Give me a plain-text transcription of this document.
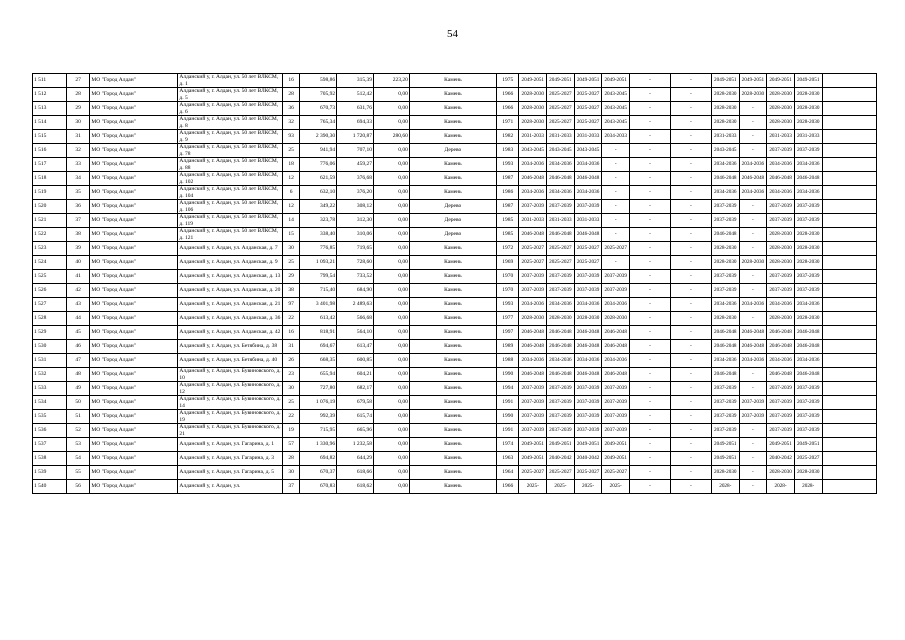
54
1 511	27	МО "Город Алдан"	Алданский у, г. Алдан, ул. 50 лет ВЛКСМ, д. 1	16	598,86	315,39	223,20	Камень	1975	2049-2051	2049-2051	2049-2051	2049-2051	-	-	2049-2051	2049-2051	2049-2051	2049-2051	
1 512	28	МО "Город Алдан"	Алданский у, г. Алдан, ул. 50 лет ВЛКСМ, д. 5	28	705,92	512,42	0,00	Камень	1966	2028-2030	2025-2027	2025-2027	2043-2045	-	-	2028-2030	2028-2030	2028-2030	2028-2030	
1 513	29	МО "Город Алдан"	Алданский у, г. Алдан, ул. 50 лет ВЛКСМ, д. 6	36	670,73	631,76	0,00	Камень	1966	2028-2030	2025-2027	2025-2027	2043-2045	-	-	2028-2030	-	2028-2030	2028-2030	
1 514	30	МО "Город Алдан"	Алданский у, г. Алдан, ул. 50 лет ВЛКСМ, д. 8	32	765,34	694,33	0,00	Камень	1971	2028-2030	2025-2027	2025-2027	2043-2045	-	-	2028-2030	-	2028-2030	2028-2030	
1 515	31	МО "Город Алдан"	Алданский у, г. Алдан, ул. 50 лет ВЛКСМ, д. 9	93	2 390,30	1 720,87	280,60	Камень	1982	2031-2033	2031-2033	2031-2033	2034-2033	-	-	2031-2033	-	2031-2033	2031-2033	
1 516	32	МО "Город Алдан"	Алданский у, г. Алдан, ул. 50 лет ВЛКСМ, д. 78	25	941,94	707,10	0,00	Дерево	1983	2043-2045	2043-2045	2043-2045	-	-	-	2043-2045	-	2037-2039	2037-2039	
1 517	33	МО "Город Алдан"	Алданский у, г. Алдан, ул. 50 лет ВЛКСМ, д. 88	18	776,06	459,27	0,00	Камень	1993	2034-2036	2034-2036	2034-2036	-	-	-	2034-2036	2034-2036	2034-2036	2034-2036	
1 518	34	МО "Город Алдан"	Алданский у, г. Алдан, ул. 50 лет ВЛКСМ, д. 102	12	621,59	376,68	0,00	Камень	1987	2046-2048	2046-2048	2046-2048	-	-	-	2046-2048	2046-2048	2046-2048	2046-2048	
1 519	35	МО "Город Алдан"	Алданский у, г. Алдан, ул. 50 лет ВЛКСМ, д. 104	6	632,10	376,20	0,00	Камень	1986	2034-2036	2034-2036	2034-2036	-	-	-	2034-2036	2034-2036	2034-2036	2034-2036	
1 520	36	МО "Город Алдан"	Алданский у, г. Алдан, ул. 50 лет ВЛКСМ, д. 106	12	349,22	308,12	0,00	Дерево	1987	2037-2039	2037-2039	2037-2039	-	-	-	2037-2039	-	2037-2039	2037-2039	
1 521	37	МО "Город Алдан"	Алданский у, г. Алдан, ул. 50 лет ВЛКСМ, д. 119	14	323,78	312,30	0,00	Дерево	1985	2031-2033	2031-2033	2031-2033	-	-	-	2037-2039	-	2037-2039	2037-2039	
1 522	38	МО "Город Алдан"	Алданский у, г. Алдан, ул. 50 лет ВЛКСМ, д. 121	15	338,40	310,06	0,00	Дерево	1985	2046-2048	2046-2048	2046-2048	-	-	-	2046-2048	-	2028-2030	2028-2030	
1 523	39	МО "Город Алдан"	Алданский у, г. Алдан, ул. Алданская, д. 7	30	776,85	719,65	0,00	Камень	1972	2025-2027	2025-2027	2025-2027	2025-2027	-	-	2028-2030	-	2028-2030	2028-2030	
1 524	40	МО "Город Алдан"	Алданский у, г. Алдан, ул. Алданская, д. 9	25	1 093,21	728,60	0,00	Камень	1969	2025-2027	2025-2027	2025-2027	-	-	-	2028-2030	2028-2030	2028-2030	2028-2030	
1 525	41	МО "Город Алдан"	Алданский у, г. Алдан, ул. Алданская, д. 13	29	799,54	733,52	0,00	Камень	1970	2037-2039	2037-2039	2037-2039	2037-2039	-	-	2037-2039	-	2037-2039	2037-2039	
1 526	42	МО "Город Алдан"	Алданский у, г. Алдан, ул. Алданская, д. 20	38	715,40	684,90	0,00	Камень	1970	2037-2039	2037-2039	2037-2039	2037-2039	-	-	2037-2039	-	2037-2039	2037-2039	
1 527	43	МО "Город Алдан"	Алданский у, г. Алдан, ул. Алданская, д. 21	97	3 401,98	2 489,63	0,00	Камень	1993	2034-2036	2034-2036	2034-2036	2034-2036	-	-	2034-2036	2034-2036	2034-2036	2034-2036	
1 528	44	МО "Город Алдан"	Алданский у, г. Алдан, ул. Алданская, д. 36	22	613,42	566,68	0,00	Камень	1977	2028-2030	2028-2030	2028-2030	2028-2030	-	-	2028-2030	-	2028-2030	2028-2030	
1 529	45	МО "Город Алдан"	Алданский у, г. Алдан, ул. Алданская, д. 42	16	818,91	564,10	0,00	Камень	1997	2046-2048	2046-2048	2046-2048	2046-2048	-	-	2046-2048	2046-2048	2046-2048	2046-2048	
1 530	46	МО "Город Алдан"	Алданский у, г. Алдан, ул. Бетябина, д. 38	31	694,67	613,47	0,00	Камень	1989	2046-2048	2046-2048	2046-2048	2046-2048	-	-	2046-2048	2046-2048	2046-2048	2046-2048	
1 531	47	МО "Город Алдан"	Алданский у, г. Алдан, ул. Бетябина, д. 40	26	668,35	600,85	0,00	Камень	1988	2034-2036	2034-2036	2034-2036	2034-2036	-	-	2034-2036	2034-2036	2034-2036	2034-2036	
1 532	48	МО "Город Алдан"	Алданский у, г. Алдан, ул. Бувиновского, д. 10	23	655,94	604,21	0,00	Камень	1990	2046-2048	2046-2048	2046-2048	2046-2048	-	-	2046-2048	-	2046-2048	2046-2048	
1 533	49	МО "Город Алдан"	Алданский у, г. Алдан, ул. Бувиновского, д. 12	30	727,80	682,17	0,00	Камень	1994	2037-2039	2037-2039	2037-2039	2037-2039	-	-	2037-2039	-	2037-2039	2037-2039	
1 534	50	МО "Город Алдан"	Алданский у, г. Алдан, ул. Бувиновского, д. 14	25	1 076,19	679,58	0,00	Камень	1991	2037-2039	2037-2039	2037-2039	2037-2039	-	-	2037-2039	2037-2039	2037-2039	2037-2039	
1 535	51	МО "Город Алдан"	Алданский у, г. Алдан, ул. Бувиновского, д. 19	22	992,39	615,74	0,00	Камень	1990	2037-2039	2037-2039	2037-2039	2037-2039	-	-	2037-2039	2037-2039	2037-2039	2037-2039	
1 536	52	МО "Город Алдан"	Алданский у, г. Алдан, ул. Бувиновского, д. 21	19	715,95	665,96	0,00	Камень	1991	2037-2039	2037-2039	2037-2039	2037-2039	-	-	2037-2039	-	2037-2039	2037-2039	
1 537	53	МО "Город Алдан"	Алданский у, г. Алдан, ул. Гагарина, д. 1	57	1 330,96	1 232,58	0,00	Камень	1974	2049-2051	2049-2051	2049-2051	2049-2051	-	-	2049-2051	-	2049-2051	2049-2051	
1 538	54	МО "Город Алдан"	Алданский у, г. Алдан, ул. Гагарина, д. 3	28	694,82	644,29	0,00	Камень	1963	2049-2051	2040-2042	2040-2042	2049-2051	-	-	2049-2051	-	2040-2042	2025-2027	
1 539	55	МО "Город Алдан"	Алданский у, г. Алдан, ул. Гагарина, д. 5	30	670,37	618,66	0,00	Камень	1964	2025-2027	2025-2027	2025-2027	2025-2027	-	-	2028-2030	-	2028-2030	2028-2030	
1 540	56	МО "Город Алдан"	Алданский у, г. Алдан, ул.	37	670,83	618,62	0,00	Камень	1966	2025-	2025-	2025-	2025-	-	-	2028-	-	2028-	2028-	
